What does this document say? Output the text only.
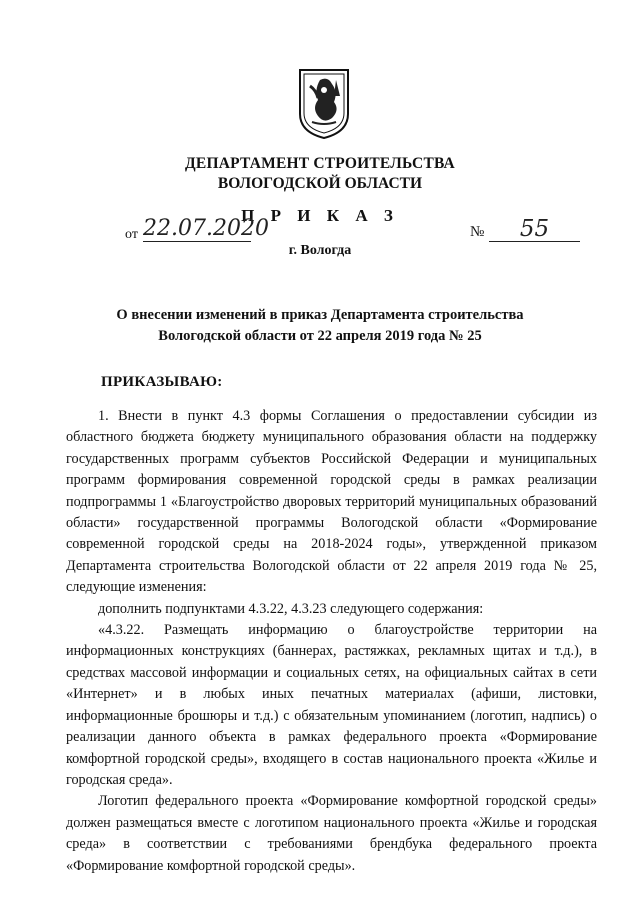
ДЕПАРТАМЕНТ СТРОИТЕЛЬСТВА
ВОЛОГОДСКОЙ ОБЛАСТИ
П Р И К А З
от 22.07.2020	№	55
г. Вологда
О внесении изменений в приказ Департамента строительства
Вологодской области от 22 апреля 2019 года № 25
ПРИКАЗЫВАЮ:

1. Внести в пункт 4.3 формы Соглашения о предоставлении субсидии из областного бюджета бюджету муниципального образования области на поддержку государственных программ субъектов Российской Федерации и муниципальных программ формирования современной городской среды в рамках реализации подпрограммы 1 «Благоустройство дворовых территорий муниципальных образований области» государственной программы Вологодской области «Формирование современной городской среды на 2018-2024 годы», утвержденной приказом Департамента строительства Вологодской области от 22 апреля 2019 года № 25, следующие изменения:

дополнить подпунктами 4.3.22, 4.3.23 следующего содержания:

«4.3.22. Размещать информацию о благоустройстве территории на информационных конструкциях (баннерах, растяжках, рекламных щитах и т.д.), в средствах массовой информации и социальных сетях, на официальных сайтах в сети «Интернет» и в любых иных печатных материалах (афиши, листовки, информационные брошюры и т.д.) с обязательным упоминанием (логотип, надпись) о реализации данного объекта в рамках федерального проекта «Формирование комфортной городской среды», входящего в состав национального проекта «Жилье и городская среда».

Логотип федерального проекта «Формирование комфортной городской среды» должен размещаться вместе с логотипом национального проекта «Жилье и городская среда» в соответствии с требованиями брендбука федерального проекта «Формирование комфортной городской среды».
